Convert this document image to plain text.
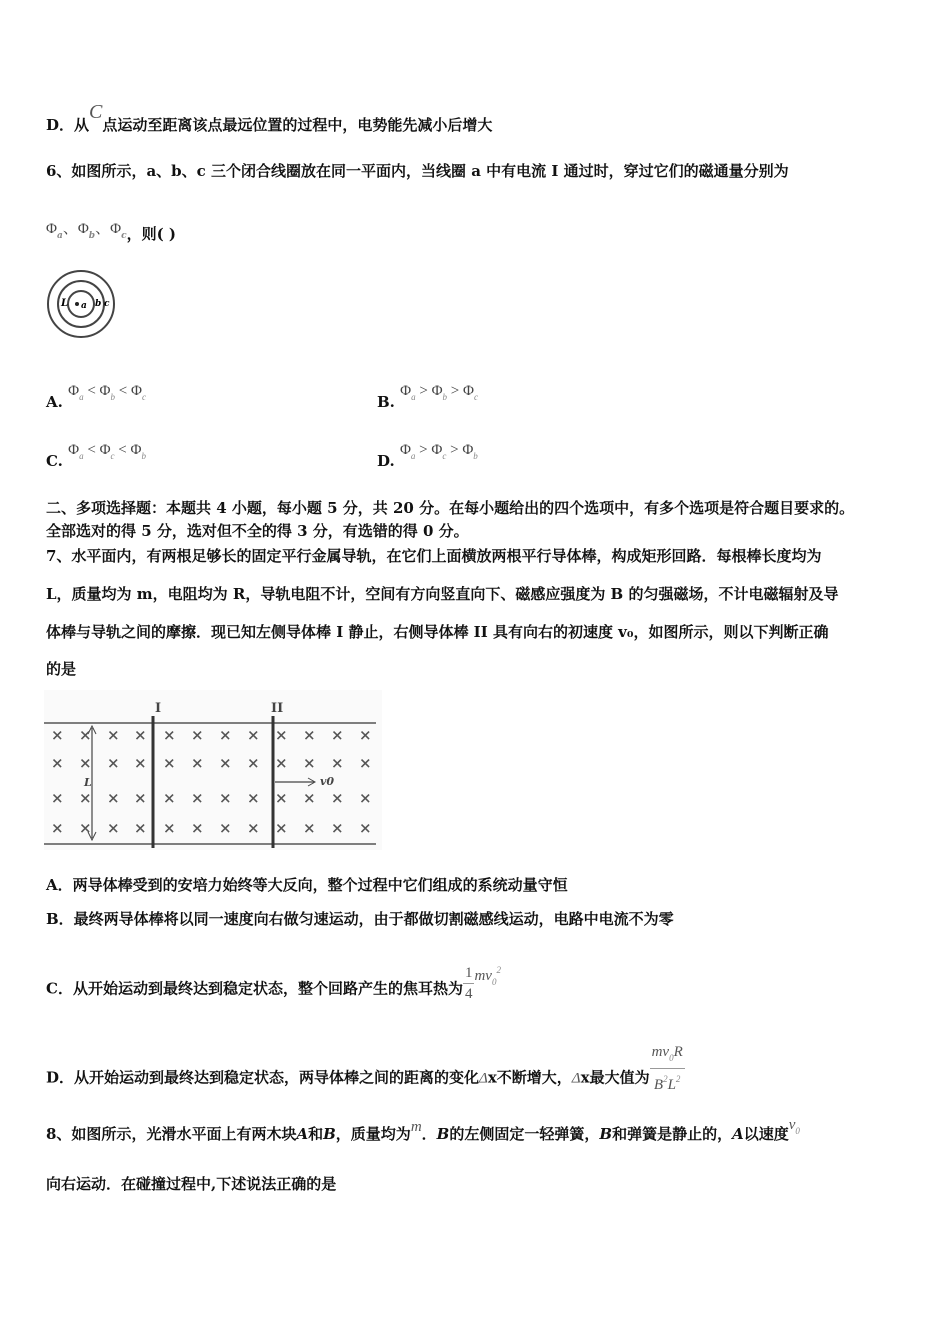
D．从C点运动至距离该点最远位置的过程中，电势能先减小后增大
6、如图所示，a、b、c 三个闭合线圈放在同一平面内，当线圈 a 中有电流 I 通过时，穿过它们的磁通量分别为
$\Phi_a$、$\Phi_b$、$\Phi_c$，则( )
L a b c
A. $\Phi_a < \Phi_b < \Phi_c$	B. $\Phi_a > \Phi_b > \Phi_c$
C. $\Phi_a < \Phi_c < \Phi_b$	D. $\Phi_a > \Phi_c > \Phi_b$
二、多项选择题：本题共 4 小题，每小题 5 分，共 20 分。在每小题给出的四个选项中，有多个选项是符合题目要求的。
全部选对的得 5 分，选对但不全的得 3 分，有选错的得 0 分。
7、水平面内，有两根足够长的固定平行金属导轨，在它们上面横放两根平行导体棒，构成矩形回路．每根棒长度均为
L，质量均为 m，电阻均为 R，导轨电阻不计，空间有方向竖直向下、磁感应强度为 B 的匀强磁场，不计电磁辐射及导
体棒与导轨之间的摩擦．现已知左侧导体棒 I 静止，右侧导体棒 II 具有向右的初速度 v₀，如图所示，则以下判断正确
的是
I	II
L	v0
× × × × × × × × × × × ×
× × × × × × × × × × × ×
× × × × × × × × × × × ×
× × × × × × × × × × × ×
A．两导体棒受到的安培力始终等大反向，整个过程中它们组成的系统动量守恒
B．最终两导体棒将以同一速度向右做匀速运动，由于都做切割磁感线运动，电路中电流不为零
C．从开始运动到最终达到稳定状态，整个回路产生的焦耳热为 $\frac{1}{4} mv_0^2$
D．从开始运动到最终达到稳定状态，两导体棒之间的距离的变化Δx不断增大，Δx最大值为 $\frac{mv_0R}{B^2L^2}$
8、如图所示，光滑水平面上有两木块A和B，质量均为m．B的左侧固定一轻弹簧，B和弹簧是静止的，A以速度$v_0$
向右运动．在碰撞过程中,下述说法正确的是
